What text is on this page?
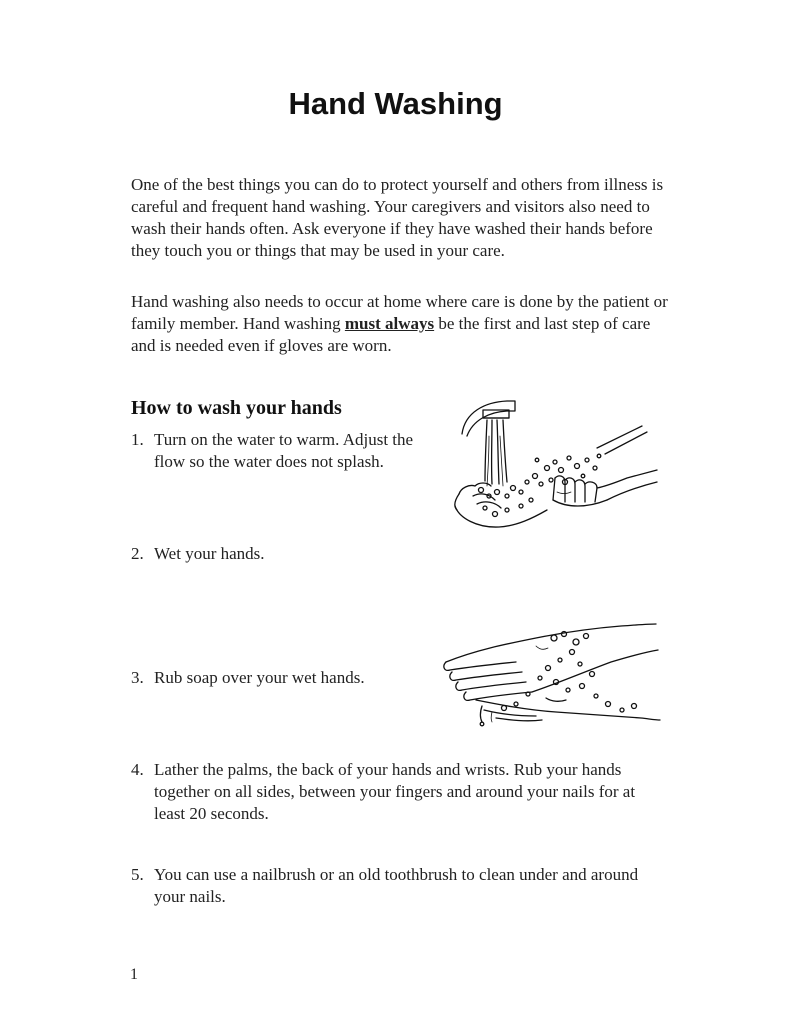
Hand Washing
One of the best things you can do to protect yourself and others from illness is careful and frequent hand washing. Your caregivers and visitors also need to wash their hands often. Ask everyone if they have washed their hands before they touch you or things that may be used in your care.
Hand washing also needs to occur at home where care is done by the patient or family member. Hand washing must always be the first and last step of care and is needed even if gloves are worn.
How to wash your hands
1. Turn on the water to warm. Adjust the flow so the water does not splash.
2. Wet your hands.
3. Rub soap over your wet hands.
4. Lather the palms, the back of your hands and wrists. Rub your hands together on all sides, between your fingers and around your nails for at least 20 seconds.
5. You can use a nailbrush or an old toothbrush to clean under and around your nails.
1
